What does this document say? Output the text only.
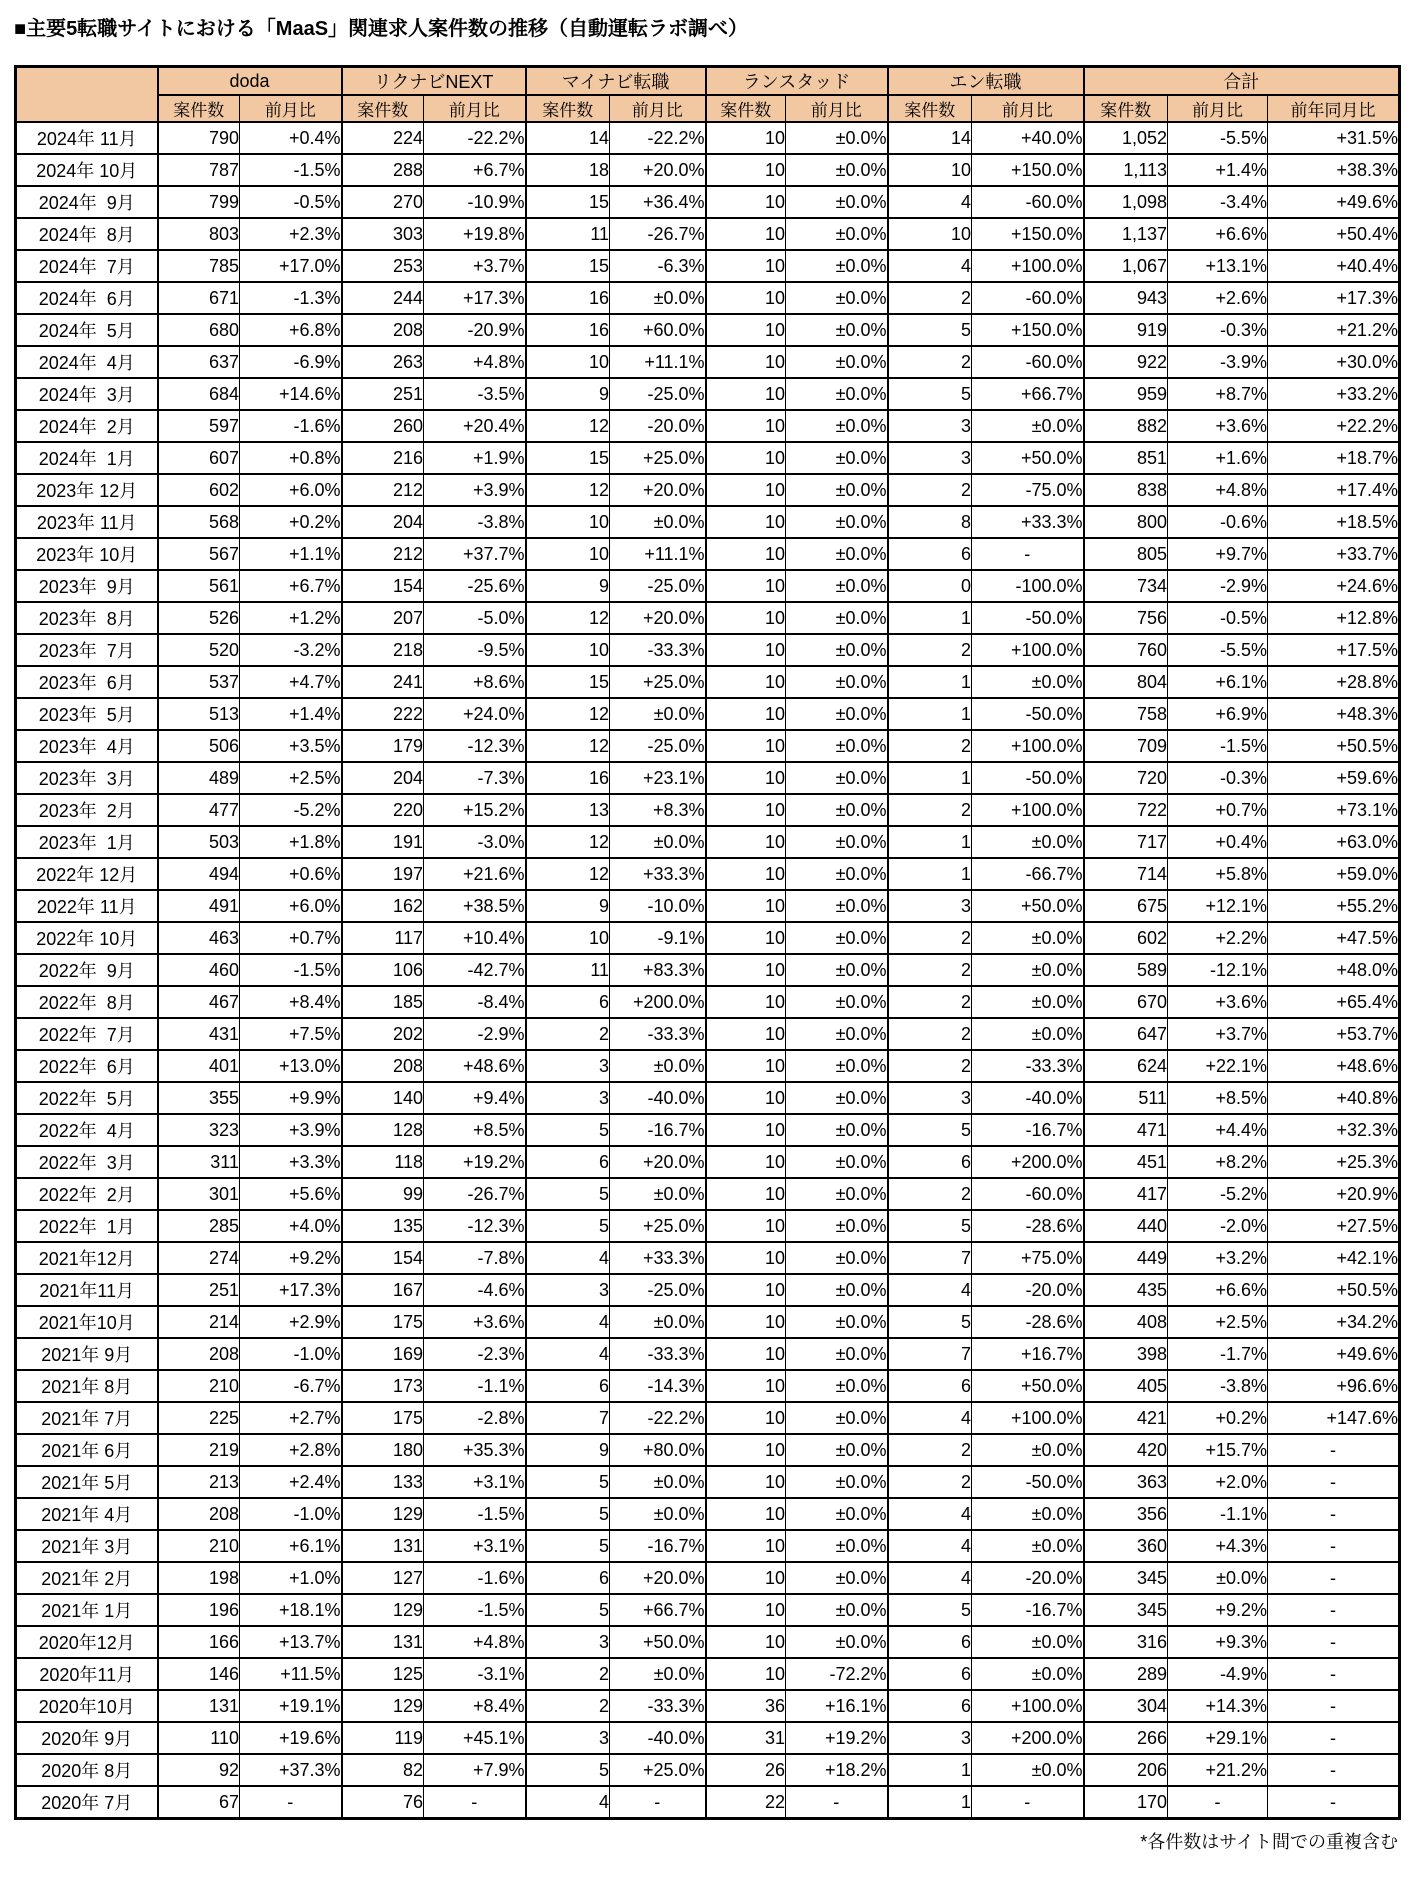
■主要5転職サイトにおける「MaaS」関連求人案件数の推移（自動運転ラボ調べ）
	doda		リクナビNEXT		マイナビ転職		ランスタッド		エン転職		合計		
	案件数	前月比	案件数	前月比	案件数	前月比	案件数	前月比	案件数	前月比	案件数	前月比	前年同月比
2024年 11月	790	+0.4%	224	-22.2%	14	-22.2%	10	±0.0%	14	+40.0%	1,052	-5.5%	+31.5%
2024年 10月	787	-1.5%	288	+6.7%	18	+20.0%	10	±0.0%	10	+150.0%	1,113	+1.4%	+38.3%
2024年  9月	799	-0.5%	270	-10.9%	15	+36.4%	10	±0.0%	4	-60.0%	1,098	-3.4%	+49.6%
2024年  8月	803	+2.3%	303	+19.8%	11	-26.7%	10	±0.0%	10	+150.0%	1,137	+6.6%	+50.4%
2024年  7月	785	+17.0%	253	+3.7%	15	-6.3%	10	±0.0%	4	+100.0%	1,067	+13.1%	+40.4%
2024年  6月	671	-1.3%	244	+17.3%	16	±0.0%	10	±0.0%	2	-60.0%	943	+2.6%	+17.3%
2024年  5月	680	+6.8%	208	-20.9%	16	+60.0%	10	±0.0%	5	+150.0%	919	-0.3%	+21.2%
2024年  4月	637	-6.9%	263	+4.8%	10	+11.1%	10	±0.0%	2	-60.0%	922	-3.9%	+30.0%
2024年  3月	684	+14.6%	251	-3.5%	9	-25.0%	10	±0.0%	5	+66.7%	959	+8.7%	+33.2%
2024年  2月	597	-1.6%	260	+20.4%	12	-20.0%	10	±0.0%	3	±0.0%	882	+3.6%	+22.2%
2024年  1月	607	+0.8%	216	+1.9%	15	+25.0%	10	±0.0%	3	+50.0%	851	+1.6%	+18.7%
2023年 12月	602	+6.0%	212	+3.9%	12	+20.0%	10	±0.0%	2	-75.0%	838	+4.8%	+17.4%
2023年 11月	568	+0.2%	204	-3.8%	10	±0.0%	10	±0.0%	8	+33.3%	800	-0.6%	+18.5%
2023年 10月	567	+1.1%	212	+37.7%	10	+11.1%	10	±0.0%	6	-	805	+9.7%	+33.7%
2023年  9月	561	+6.7%	154	-25.6%	9	-25.0%	10	±0.0%	0	-100.0%	734	-2.9%	+24.6%
2023年  8月	526	+1.2%	207	-5.0%	12	+20.0%	10	±0.0%	1	-50.0%	756	-0.5%	+12.8%
2023年  7月	520	-3.2%	218	-9.5%	10	-33.3%	10	±0.0%	2	+100.0%	760	-5.5%	+17.5%
2023年  6月	537	+4.7%	241	+8.6%	15	+25.0%	10	±0.0%	1	±0.0%	804	+6.1%	+28.8%
2023年  5月	513	+1.4%	222	+24.0%	12	±0.0%	10	±0.0%	1	-50.0%	758	+6.9%	+48.3%
2023年  4月	506	+3.5%	179	-12.3%	12	-25.0%	10	±0.0%	2	+100.0%	709	-1.5%	+50.5%
2023年  3月	489	+2.5%	204	-7.3%	16	+23.1%	10	±0.0%	1	-50.0%	720	-0.3%	+59.6%
2023年  2月	477	-5.2%	220	+15.2%	13	+8.3%	10	±0.0%	2	+100.0%	722	+0.7%	+73.1%
2023年  1月	503	+1.8%	191	-3.0%	12	±0.0%	10	±0.0%	1	±0.0%	717	+0.4%	+63.0%
2022年 12月	494	+0.6%	197	+21.6%	12	+33.3%	10	±0.0%	1	-66.7%	714	+5.8%	+59.0%
2022年 11月	491	+6.0%	162	+38.5%	9	-10.0%	10	±0.0%	3	+50.0%	675	+12.1%	+55.2%
2022年 10月	463	+0.7%	117	+10.4%	10	-9.1%	10	±0.0%	2	±0.0%	602	+2.2%	+47.5%
2022年  9月	460	-1.5%	106	-42.7%	11	+83.3%	10	±0.0%	2	±0.0%	589	-12.1%	+48.0%
2022年  8月	467	+8.4%	185	-8.4%	6	+200.0%	10	±0.0%	2	±0.0%	670	+3.6%	+65.4%
2022年  7月	431	+7.5%	202	-2.9%	2	-33.3%	10	±0.0%	2	±0.0%	647	+3.7%	+53.7%
2022年  6月	401	+13.0%	208	+48.6%	3	±0.0%	10	±0.0%	2	-33.3%	624	+22.1%	+48.6%
2022年  5月	355	+9.9%	140	+9.4%	3	-40.0%	10	±0.0%	3	-40.0%	511	+8.5%	+40.8%
2022年  4月	323	+3.9%	128	+8.5%	5	-16.7%	10	±0.0%	5	-16.7%	471	+4.4%	+32.3%
2022年  3月	311	+3.3%	118	+19.2%	6	+20.0%	10	±0.0%	6	+200.0%	451	+8.2%	+25.3%
2022年  2月	301	+5.6%	99	-26.7%	5	±0.0%	10	±0.0%	2	-60.0%	417	-5.2%	+20.9%
2022年  1月	285	+4.0%	135	-12.3%	5	+25.0%	10	±0.0%	5	-28.6%	440	-2.0%	+27.5%
2021年12月	274	+9.2%	154	-7.8%	4	+33.3%	10	±0.0%	7	+75.0%	449	+3.2%	+42.1%
2021年11月	251	+17.3%	167	-4.6%	3	-25.0%	10	±0.0%	4	-20.0%	435	+6.6%	+50.5%
2021年10月	214	+2.9%	175	+3.6%	4	±0.0%	10	±0.0%	5	-28.6%	408	+2.5%	+34.2%
2021年 9月	208	-1.0%	169	-2.3%	4	-33.3%	10	±0.0%	7	+16.7%	398	-1.7%	+49.6%
2021年 8月	210	-6.7%	173	-1.1%	6	-14.3%	10	±0.0%	6	+50.0%	405	-3.8%	+96.6%
2021年 7月	225	+2.7%	175	-2.8%	7	-22.2%	10	±0.0%	4	+100.0%	421	+0.2%	+147.6%
2021年 6月	219	+2.8%	180	+35.3%	9	+80.0%	10	±0.0%	2	±0.0%	420	+15.7%	-
2021年 5月	213	+2.4%	133	+3.1%	5	±0.0%	10	±0.0%	2	-50.0%	363	+2.0%	-
2021年 4月	208	-1.0%	129	-1.5%	5	±0.0%	10	±0.0%	4	±0.0%	356	-1.1%	-
2021年 3月	210	+6.1%	131	+3.1%	5	-16.7%	10	±0.0%	4	±0.0%	360	+4.3%	-
2021年 2月	198	+1.0%	127	-1.6%	6	+20.0%	10	±0.0%	4	-20.0%	345	±0.0%	-
2021年 1月	196	+18.1%	129	-1.5%	5	+66.7%	10	±0.0%	5	-16.7%	345	+9.2%	-
2020年12月	166	+13.7%	131	+4.8%	3	+50.0%	10	±0.0%	6	±0.0%	316	+9.3%	-
2020年11月	146	+11.5%	125	-3.1%	2	±0.0%	10	-72.2%	6	±0.0%	289	-4.9%	-
2020年10月	131	+19.1%	129	+8.4%	2	-33.3%	36	+16.1%	6	+100.0%	304	+14.3%	-
2020年 9月	110	+19.6%	119	+45.1%	3	-40.0%	31	+19.2%	3	+200.0%	266	+29.1%	-
2020年 8月	92	+37.3%	82	+7.9%	5	+25.0%	26	+18.2%	1	±0.0%	206	+21.2%	-
2020年 7月	67	-	76	-	4	-	22	-	1	-	170	-	-
*各件数はサイト間での重複含む
